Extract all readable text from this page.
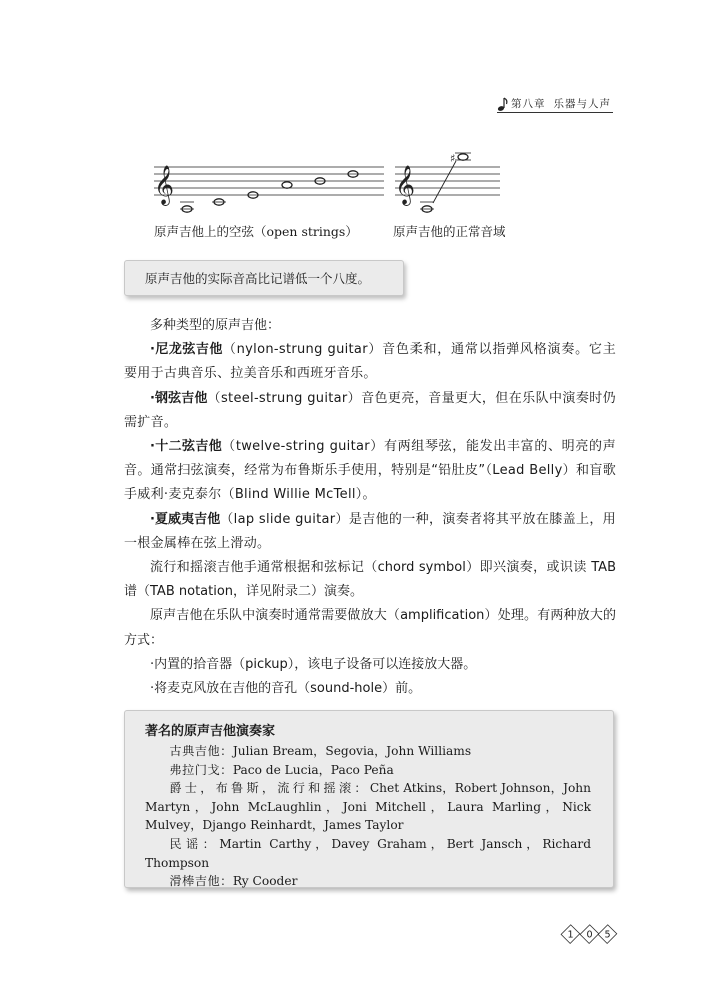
第八章 乐器与人声
𝄞	𝄞
♯
原声吉他上的空弦（open strings）	原声吉他的正常音域
原声吉他的实际音高比记谱低一个八度。

多种类型的原声吉他：

·尼龙弦吉他（nylon-strung guitar）音色柔和，通常以指弹风格演奏。它主要用于古典音乐、拉美音乐和西班牙音乐。

·钢弦吉他（steel-strung guitar）音色更亮，音量更大，但在乐队中演奏时仍需扩音。

·十二弦吉他（twelve-string guitar）有两组琴弦，能发出丰富的、明亮的声音。通常扫弦演奏，经常为布鲁斯乐手使用，特别是“铅肚皮”（Lead Belly）和盲歌手威利·麦克泰尔（Blind Willie McTell）。

·夏威夷吉他（lap slide guitar）是吉他的一种，演奏者将其平放在膝盖上，用一根金属棒在弦上滑动。

流行和摇滚吉他手通常根据和弦标记（chord symbol）即兴演奏，或识读 TAB 谱（TAB notation，详见附录二）演奏。

原声吉他在乐队中演奏时通常需要做放大（amplification）处理。有两种放大的方式：

·内置的拾音器（pickup），该电子设备可以连接放大器。

·将麦克风放在吉他的音孔（sound-hole）前。

著名的原声吉他演奏家

古典吉他：Julian Bream，Segovia，John Williams

弗拉门戈：Paco de Lucia，Paco Peña

爵士，布鲁斯，流行和摇滚：Chet Atkins，Robert Johnson，John Martyn，John McLaughlin，Joni Mitchell，Laura Marling，Nick Mulvey，Django Reinhardt，James Taylor

民谣：Martin Carthy，Davey Graham，Bert Jansch，Richard Thompson

滑棒吉他：Ry Cooder

1 0 5
